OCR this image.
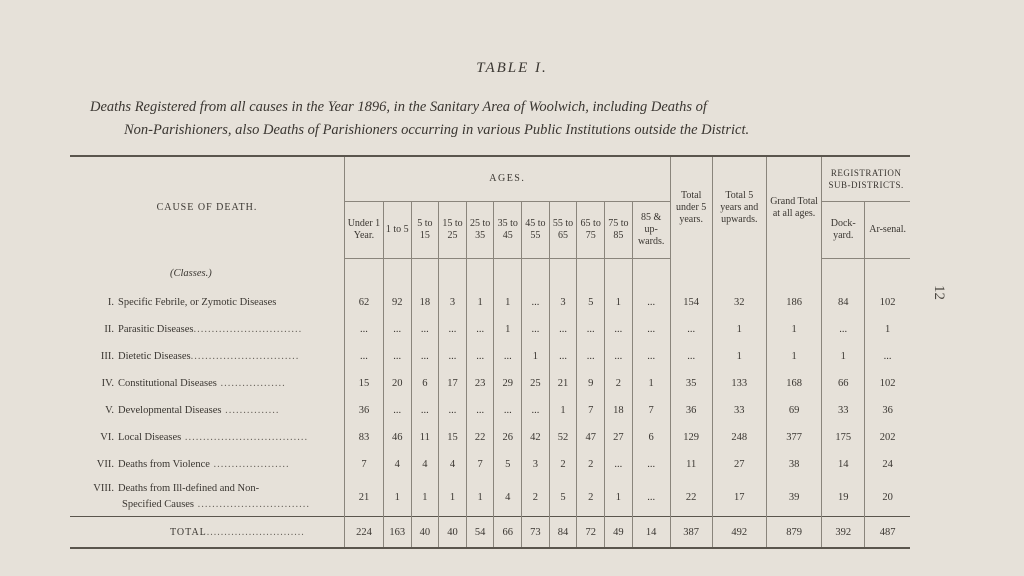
12
TABLE I.
Deaths Registered from all causes in the Year 1896, in the Sanitary Area of Woolwich, including Deaths of
Non-Parishioners, also Deaths of Parishioners occurring in various Public Institutions outside the District.
CAUSE OF DEATH.	AGES.											Total under 5 years.	Total 5 years and upwards.	Grand Total at all ages.	REGISTRATION SUB-DISTRICTS.	
	Under 1 Year.	1 to 5	5 to 15	15 to 25	25 to 35	35 to 45	45 to 55	55 to 65	65 to 75	75 to 85	85 & up-wards.				Dock-yard.	Ar-senal.
(Classes.)																
I. Specific Febrile, or Zymotic Diseases	62	92	18	3	1	1	...	3	5	1	...	154	32	186	84	102
II. Parasitic Diseases..............................	...	...	...	...	...	1	...	...	...	...	...	...	1	1	...	1
III. Dietetic Diseases..............................	...	...	...	...	...	...	1	...	...	...	...	...	1	1	1	...
IV. Constitutional Diseases ..................	15	20	6	17	23	29	25	21	9	2	1	35	133	168	66	102
V. Developmental Diseases ...............	36	...	...	...	...	...	...	1	7	18	7	36	33	69	33	36
VI. Local Diseases ..................................	83	46	11	15	22	26	42	52	47	27	6	129	248	377	175	202
VII. Deaths from Violence .....................	7	4	4	4	7	5	3	2	2	...	...	11	27	38	14	24

VIII. Deaths from Ill-defined and Non-
Specified Causes ...............................	21	1	1	1	1	4	2	5	2	1	...	22	17	39	19	20
TOTAL............................	224	163	40	40	54	66	73	84	72	49	14	387	492	879	392	487
